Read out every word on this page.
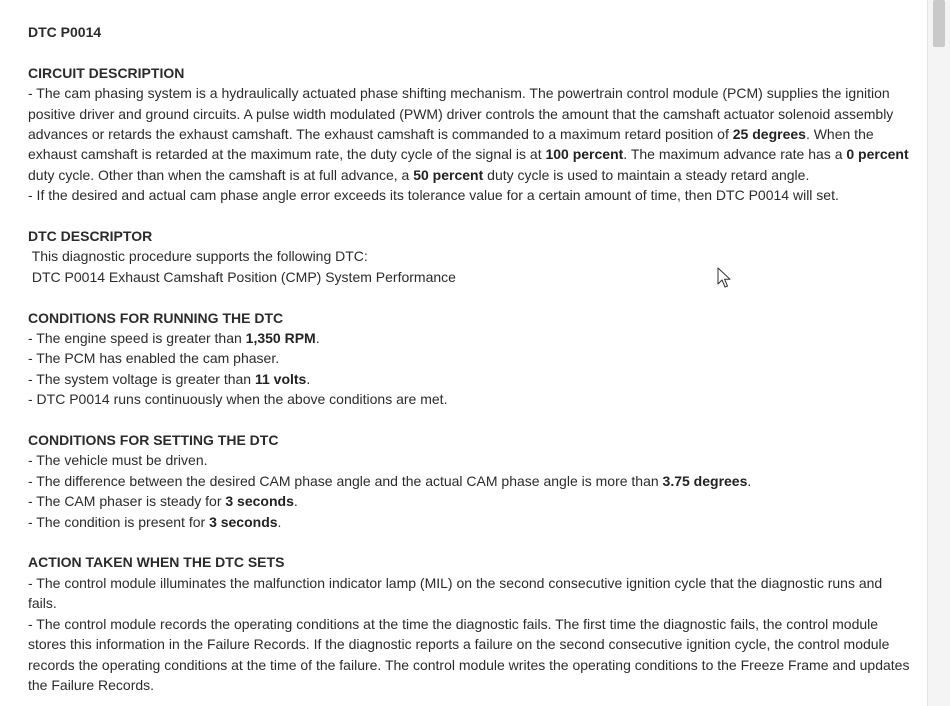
DTC P0014

CIRCUIT DESCRIPTION

- The cam phasing system is a hydraulically actuated phase shifting mechanism. The powertrain control module (PCM) supplies the ignition positive driver and ground circuits. A pulse width modulated (PWM) driver controls the amount that the camshaft actuator solenoid assembly advances or retards the exhaust camshaft. The exhaust camshaft is commanded to a maximum retard position of 25 degrees. When the exhaust camshaft is retarded at the maximum rate, the duty cycle of the signal is at 100 percent. The maximum advance rate has a 0 percent duty cycle. Other than when the camshaft is at full advance, a 50 percent duty cycle is used to maintain a steady retard angle.

- If the desired and actual cam phase angle error exceeds its tolerance value for a certain amount of time, then DTC P0014 will set.

DTC DESCRIPTOR

This diagnostic procedure supports the following DTC:

DTC P0014 Exhaust Camshaft Position (CMP) System Performance

CONDITIONS FOR RUNNING THE DTC

- The engine speed is greater than 1,350 RPM.

- The PCM has enabled the cam phaser.

- The system voltage is greater than 11 volts.

- DTC P0014 runs continuously when the above conditions are met.

CONDITIONS FOR SETTING THE DTC

- The vehicle must be driven.

- The difference between the desired CAM phase angle and the actual CAM phase angle is more than 3.75 degrees.

- The CAM phaser is steady for 3 seconds.

- The condition is present for 3 seconds.

ACTION TAKEN WHEN THE DTC SETS

- The control module illuminates the malfunction indicator lamp (MIL) on the second consecutive ignition cycle that the diagnostic runs and fails.

- The control module records the operating conditions at the time the diagnostic fails. The first time the diagnostic fails, the control module stores this information in the Failure Records. If the diagnostic reports a failure on the second consecutive ignition cycle, the control module records the operating conditions at the time of the failure. The control module writes the operating conditions to the Freeze Frame and updates the Failure Records.
